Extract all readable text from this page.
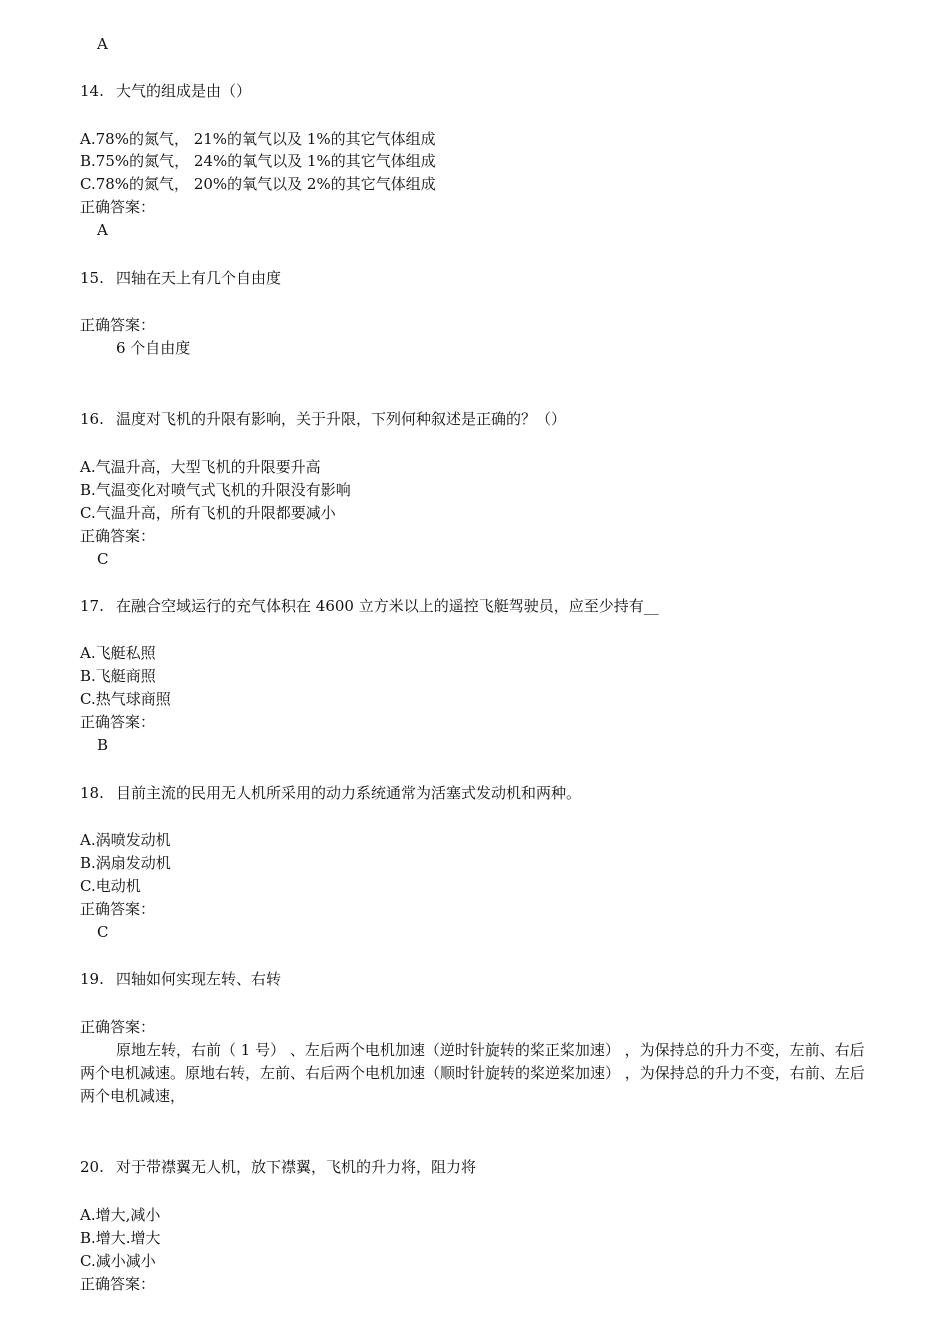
A
14. 大气的组成是由（）
A.78%的氮气， 21%的氧气以及 1%的其它气体组成
B.75%的氮气， 24%的氧气以及 1%的其它气体组成
C.78%的氮气， 20%的氧气以及 2%的其它气体组成
正确答案：
A
15. 四轴在天上有几个自由度
正确答案：
6 个自由度
16. 温度对飞机的升限有影响，关于升限，下列何种叙述是正确的？（）
A.气温升高，大型飞机的升限要升高
B.气温变化对喷气式飞机的升限没有影响
C.气温升高，所有飞机的升限都要减小
正确答案：
C
17. 在融合空域运行的充气体积在 4600 立方米以上的遥控飞艇驾驶员，应至少持有__
A.飞艇私照
B.飞艇商照
C.热气球商照
正确答案：
B
18. 目前主流的民用无人机所采用的动力系统通常为活塞式发动机和两种。
A.涡喷发动机
B.涡扇发动机
C.电动机
正确答案：
C
19. 四轴如何实现左转、右转
正确答案：
原地左转，右前（ 1 号） 、左后两个电机加速（逆时针旋转的桨正桨加速） ，为保持总的升力不变，左前、右后两个电机减速。原地右转，左前、右后两个电机加速（顺时针旋转的桨逆桨加速） ，为保持总的升力不变，右前、左后两个电机减速，
20. 对于带襟翼无人机，放下襟翼，飞机的升力将，阻力将
A.增大,减小
B.增大.增大
C.减小减小
正确答案：
